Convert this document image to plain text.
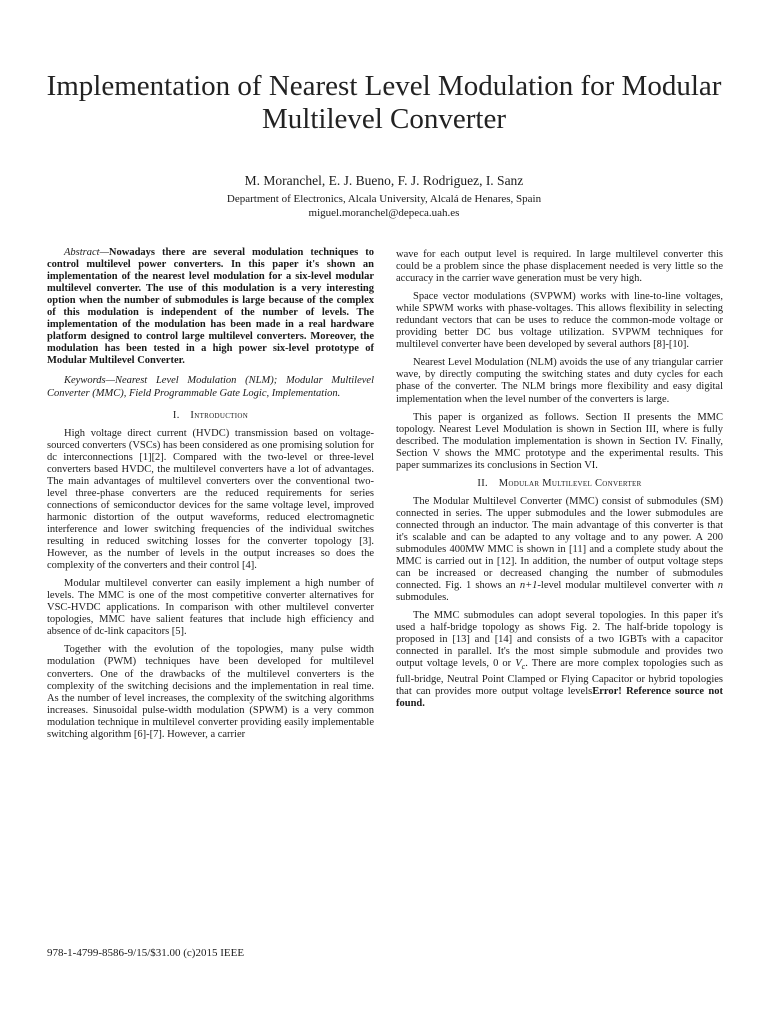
Implementation of Nearest Level Modulation for Modular Multilevel Converter
M. Moranchel, E. J. Bueno, F. J. Rodriguez, I. Sanz
Department of Electronics, Alcala University, Alcalá de Henares, Spain
miguel.moranchel@depeca.uah.es

Abstract—Nowadays there are several modulation techniques to control multilevel power converters. In this paper it's shown an implementation of the nearest level modulation for a six-level modular multilevel converter. The use of this modulation is a very interesting option when the number of submodules is large because of the complex of this modulation is independent of the number of levels. The implementation of the modulation has been made in a real hardware platform designed to control large multilevel converters. Moreover, the modulation has been tested in a high power six-level prototype of Modular Multilevel Converter.

Keywords—Nearest Level Modulation (NLM); Modular Multilevel Converter (MMC), Field Programmable Gate Logic, Implementation.

I. Introduction

High voltage direct current (HVDC) transmission based on voltage-sourced converters (VSCs) has been considered as one promising solution for dc interconnections [1][2]. Compared with the two-level or three-level converters based HVDC, the multilevel converters have a lot of advantages. The main advantages of multilevel converters over the conventional two-level three-phase converters are the reduced requirements for series connections of semiconductor devices for the same voltage level, improved harmonic distortion of the output waveforms, reduced electromagnetic interference and lower switching frequencies of the individual switches resulting in reduced switching losses for the converter topology [3]. However, as the number of levels in the output increases so does the complexity of the converters and their control [4].

Modular multilevel converter can easily implement a high number of levels. The MMC is one of the most competitive converter alternatives for VSC-HVDC applications. In comparison with other multilevel converter topologies, MMC have salient features that include high efficiency and absence of dc-link capacitors [5].

Together with the evolution of the topologies, many pulse width modulation (PWM) techniques have been developed for multilevel converters. One of the drawbacks of the multilevel converters is the complexity of the switching decisions and the implementation in real time. As the number of level increases, the complexity of the switching algorithms increases. Sinusoidal pulse-width modulation (SPWM) is a very common modulation technique in multilevel converter providing easily implementable switching algorithm [6]-[7]. However, a carrier

wave for each output level is required. In large multilevel converter this could be a problem since the phase displacement needed is very little so the accuracy in the carrier wave generation must be very high.

Space vector modulations (SVPWM) works with line-to-line voltages, while SPWM works with phase-voltages. This allows flexibility in selecting redundant vectors that can be uses to reduce the common-mode voltage or providing better DC bus voltage utilization. SVPWM techniques for multilevel converter have been developed by several authors [8]-[10].

Nearest Level Modulation (NLM) avoids the use of any triangular carrier wave, by directly computing the switching states and duty cycles for each phase of the converter. The NLM brings more flexibility and easy digital implementation when the level number of the converters is large.

This paper is organized as follows. Section II presents the MMC topology. Nearest Level Modulation is shown in Section III, where is fully described. The modulation implementation is shown in Section IV. Finally, Section V shows the MMC prototype and the experimental results. This paper summarizes its conclusions in Section VI.

II. Modular Multilevel Converter

The Modular Multilevel Converter (MMC) consist of submodules (SM) connected in series. The upper submodules and the lower submodules are connected through an inductor. The main advantage of this converter is that it's scalable and can be adapted to any voltage and to any power. A 200 submodules 400MW MMC is shown in [11] and a complete study about the MMC is carried out in [12]. In addition, the number of output voltage steps can be increased or decreased changing the number of submodules connected. Fig. 1 shows an n+1-level modular multilevel converter with n submodules.

The MMC submodules can adopt several topologies. In this paper it's used a half-bridge topology as shows Fig. 2. The half-bride topology is proposed in [13] and [14] and consists of a two IGBTs with a capacitor connected in parallel. It's the most simple submodule and provides two output voltage levels, 0 or $V_c$. There are more complex topologies such as full-bridge, Neutral Point Clamped or Flying Capacitor or hybrid topologies that can provides more output voltage levelsError! Reference source not found.

978-1-4799-8586-9/15/$31.00 (c)2015 IEEE
